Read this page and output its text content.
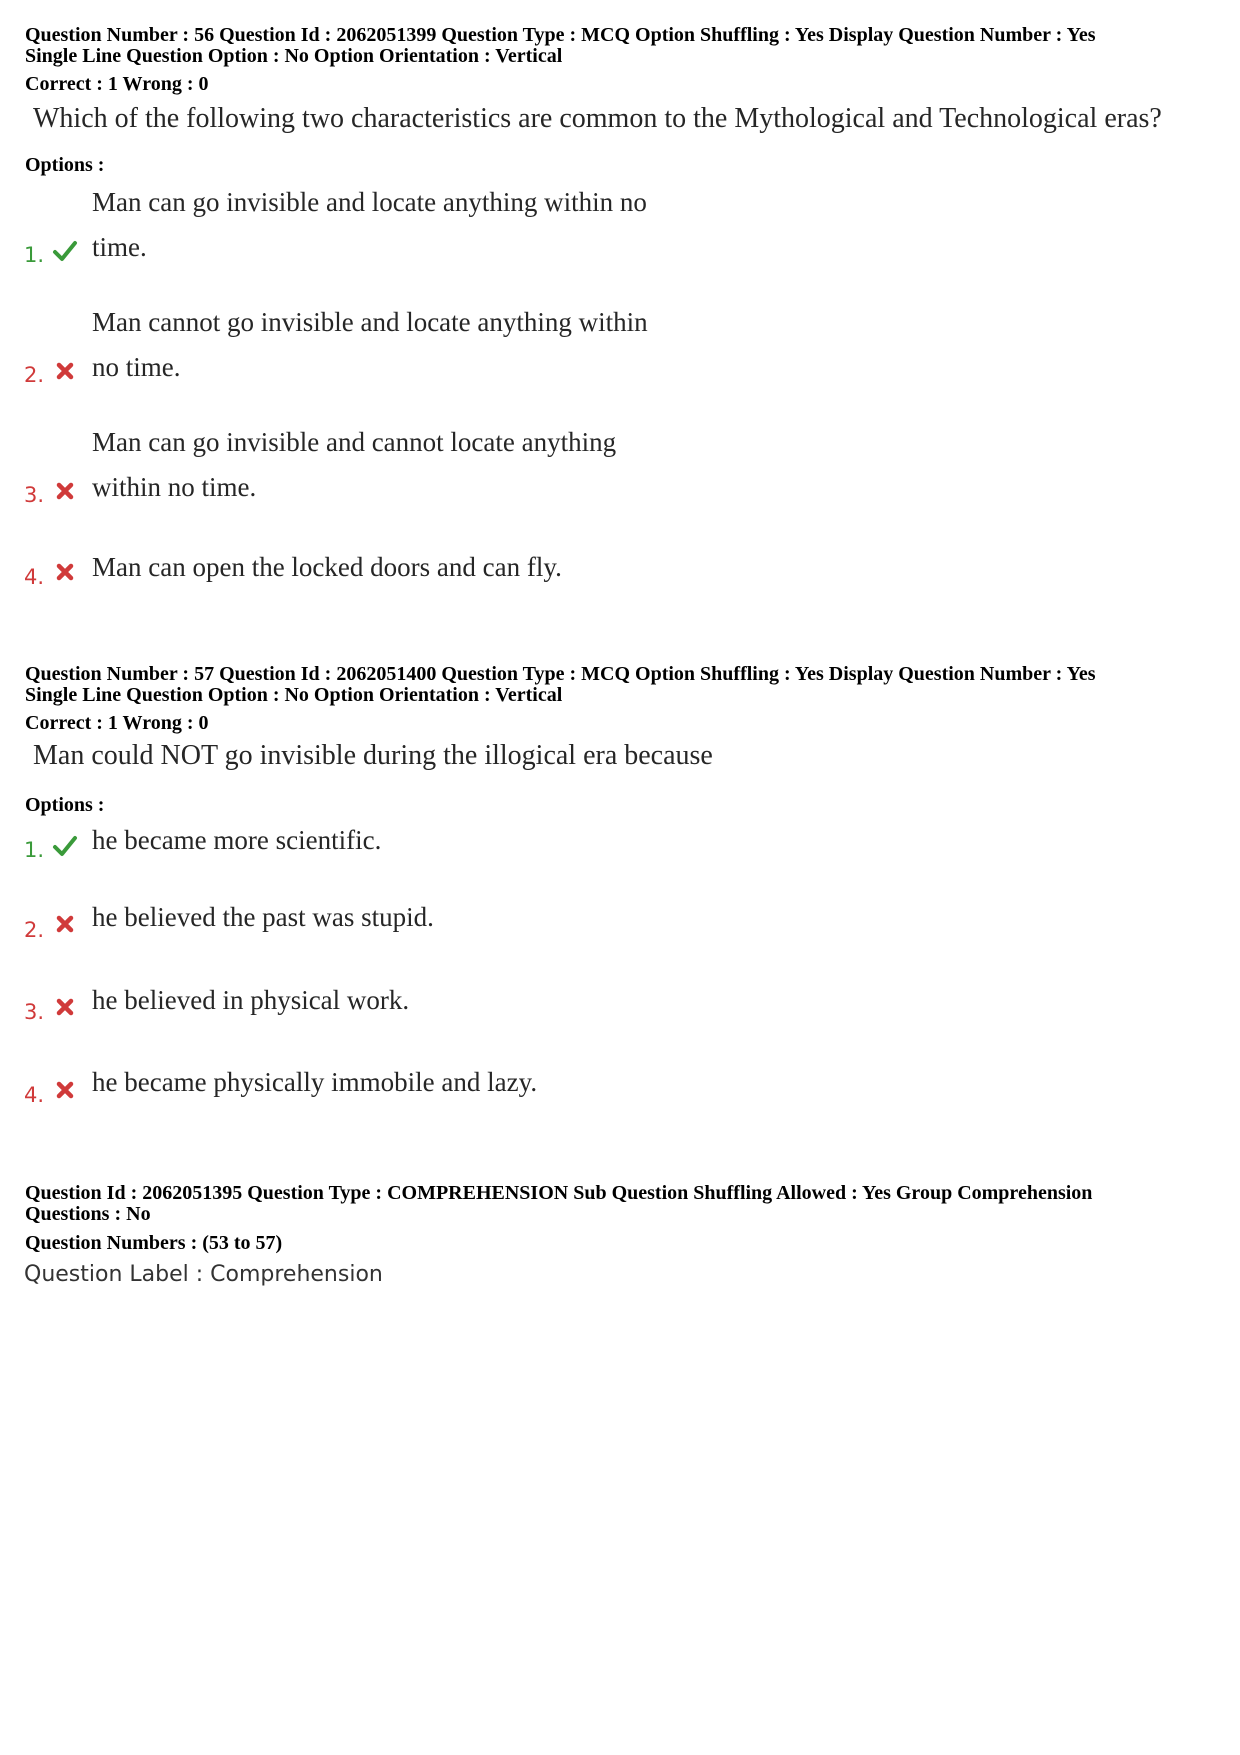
Question Number : 56 Question Id : 2062051399 Question Type : MCQ Option Shuffling : Yes Display Question Number : Yes
Single Line Question Option : No Option Orientation : Vertical
Correct : 1 Wrong : 0
Which of the following two characteristics are common to the Mythological and Technological eras?
Options :
Man can go invisible and locate anything within no
time.
1.
Man cannot go invisible and locate anything within
no time.
2.
Man can go invisible and cannot locate anything
within no time.
3.
Man can open the locked doors and can fly.
4.
Question Number : 57 Question Id : 2062051400 Question Type : MCQ Option Shuffling : Yes Display Question Number : Yes
Single Line Question Option : No Option Orientation : Vertical
Correct : 1 Wrong : 0
Man could NOT go invisible during the illogical era because
Options :
he became more scientific.
1.
he believed the past was stupid.
2.
he believed in physical work.
3.
he became physically immobile and lazy.
4.
Question Id : 2062051395 Question Type : COMPREHENSION Sub Question Shuffling Allowed : Yes Group Comprehension
Questions : No
Question Numbers : (53 to 57)
Question Label : Comprehension
